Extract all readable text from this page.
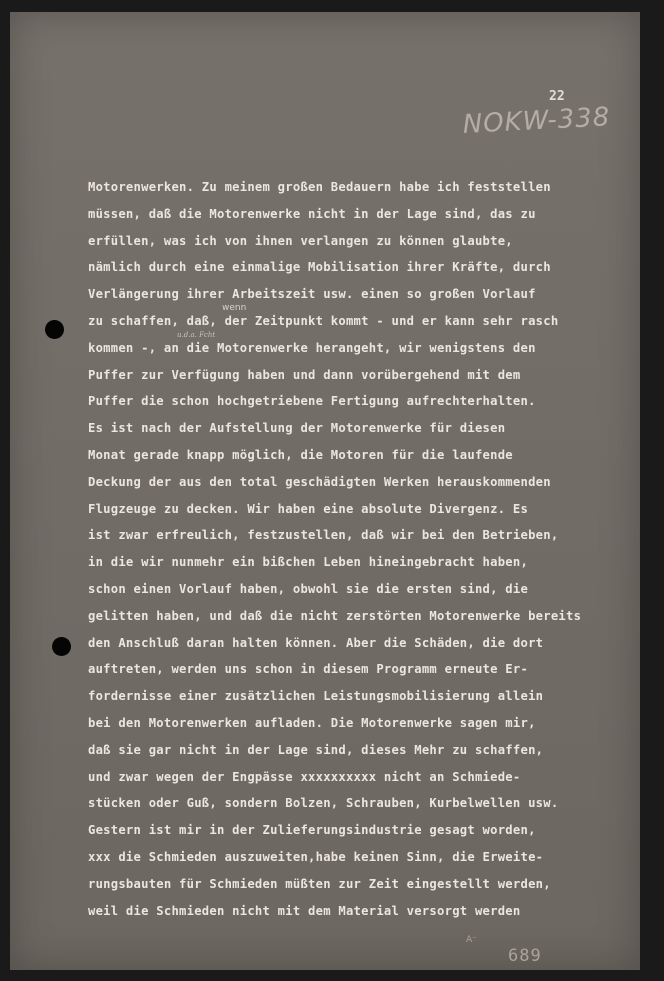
22

NOKW-338

wenn

u.d.a. Fcht

Motorenwerken. Zu meinem großen Bedauern habe ich feststellen
müssen, daß die Motorenwerke nicht in der Lage sind, das zu
erfüllen, was ich von ihnen verlangen zu können glaubte,
nämlich durch eine einmalige Mobilisation ihrer Kräfte, durch
Verlängerung ihrer Arbeitszeit usw. einen so großen Vorlauf
zu schaffen, daß, der Zeitpunkt kommt - und er kann sehr rasch
kommen -, an die Motorenwerke herangeht, wir wenigstens den
Puffer zur Verfügung haben und dann vorübergehend mit dem
Puffer die schon hochgetriebene Fertigung aufrechterhalten.
Es ist nach der Aufstellung der Motorenwerke für diesen
Monat gerade knapp möglich, die Motoren für die laufende
Deckung der aus den total geschädigten Werken herauskommenden
Flugzeuge zu decken. Wir haben eine absolute Divergenz. Es
ist zwar erfreulich, festzustellen, daß wir bei den Betrieben,
in die wir nunmehr ein bißchen Leben hineingebracht haben,
schon einen Vorlauf haben, obwohl sie die ersten sind, die
gelitten haben, und daß die nicht zerstörten Motorenwerke bereits
den Anschluß daran halten können. Aber die Schäden, die dort
auftreten, werden uns schon in diesem Programm erneute Er-
fordernisse einer zusätzlichen Leistungsmobilisierung allein
bei den Motorenwerken aufladen. Die Motorenwerke sagen mir,
daß sie gar nicht in der Lage sind, dieses Mehr zu schaffen,
und zwar wegen der Engpässe xxxxxxxxxx nicht an Schmiede-
stücken oder Guß, sondern Bolzen, Schrauben, Kurbelwellen usw.
Gestern ist mir in der Zulieferungsindustrie gesagt worden,
xxx die Schmieden auszuweiten,habe keinen Sinn, die Erweite-
rungsbauten für Schmieden müßten zur Zeit eingestellt werden,
weil die Schmieden nicht mit dem Material versorgt werden

A⁻

689
